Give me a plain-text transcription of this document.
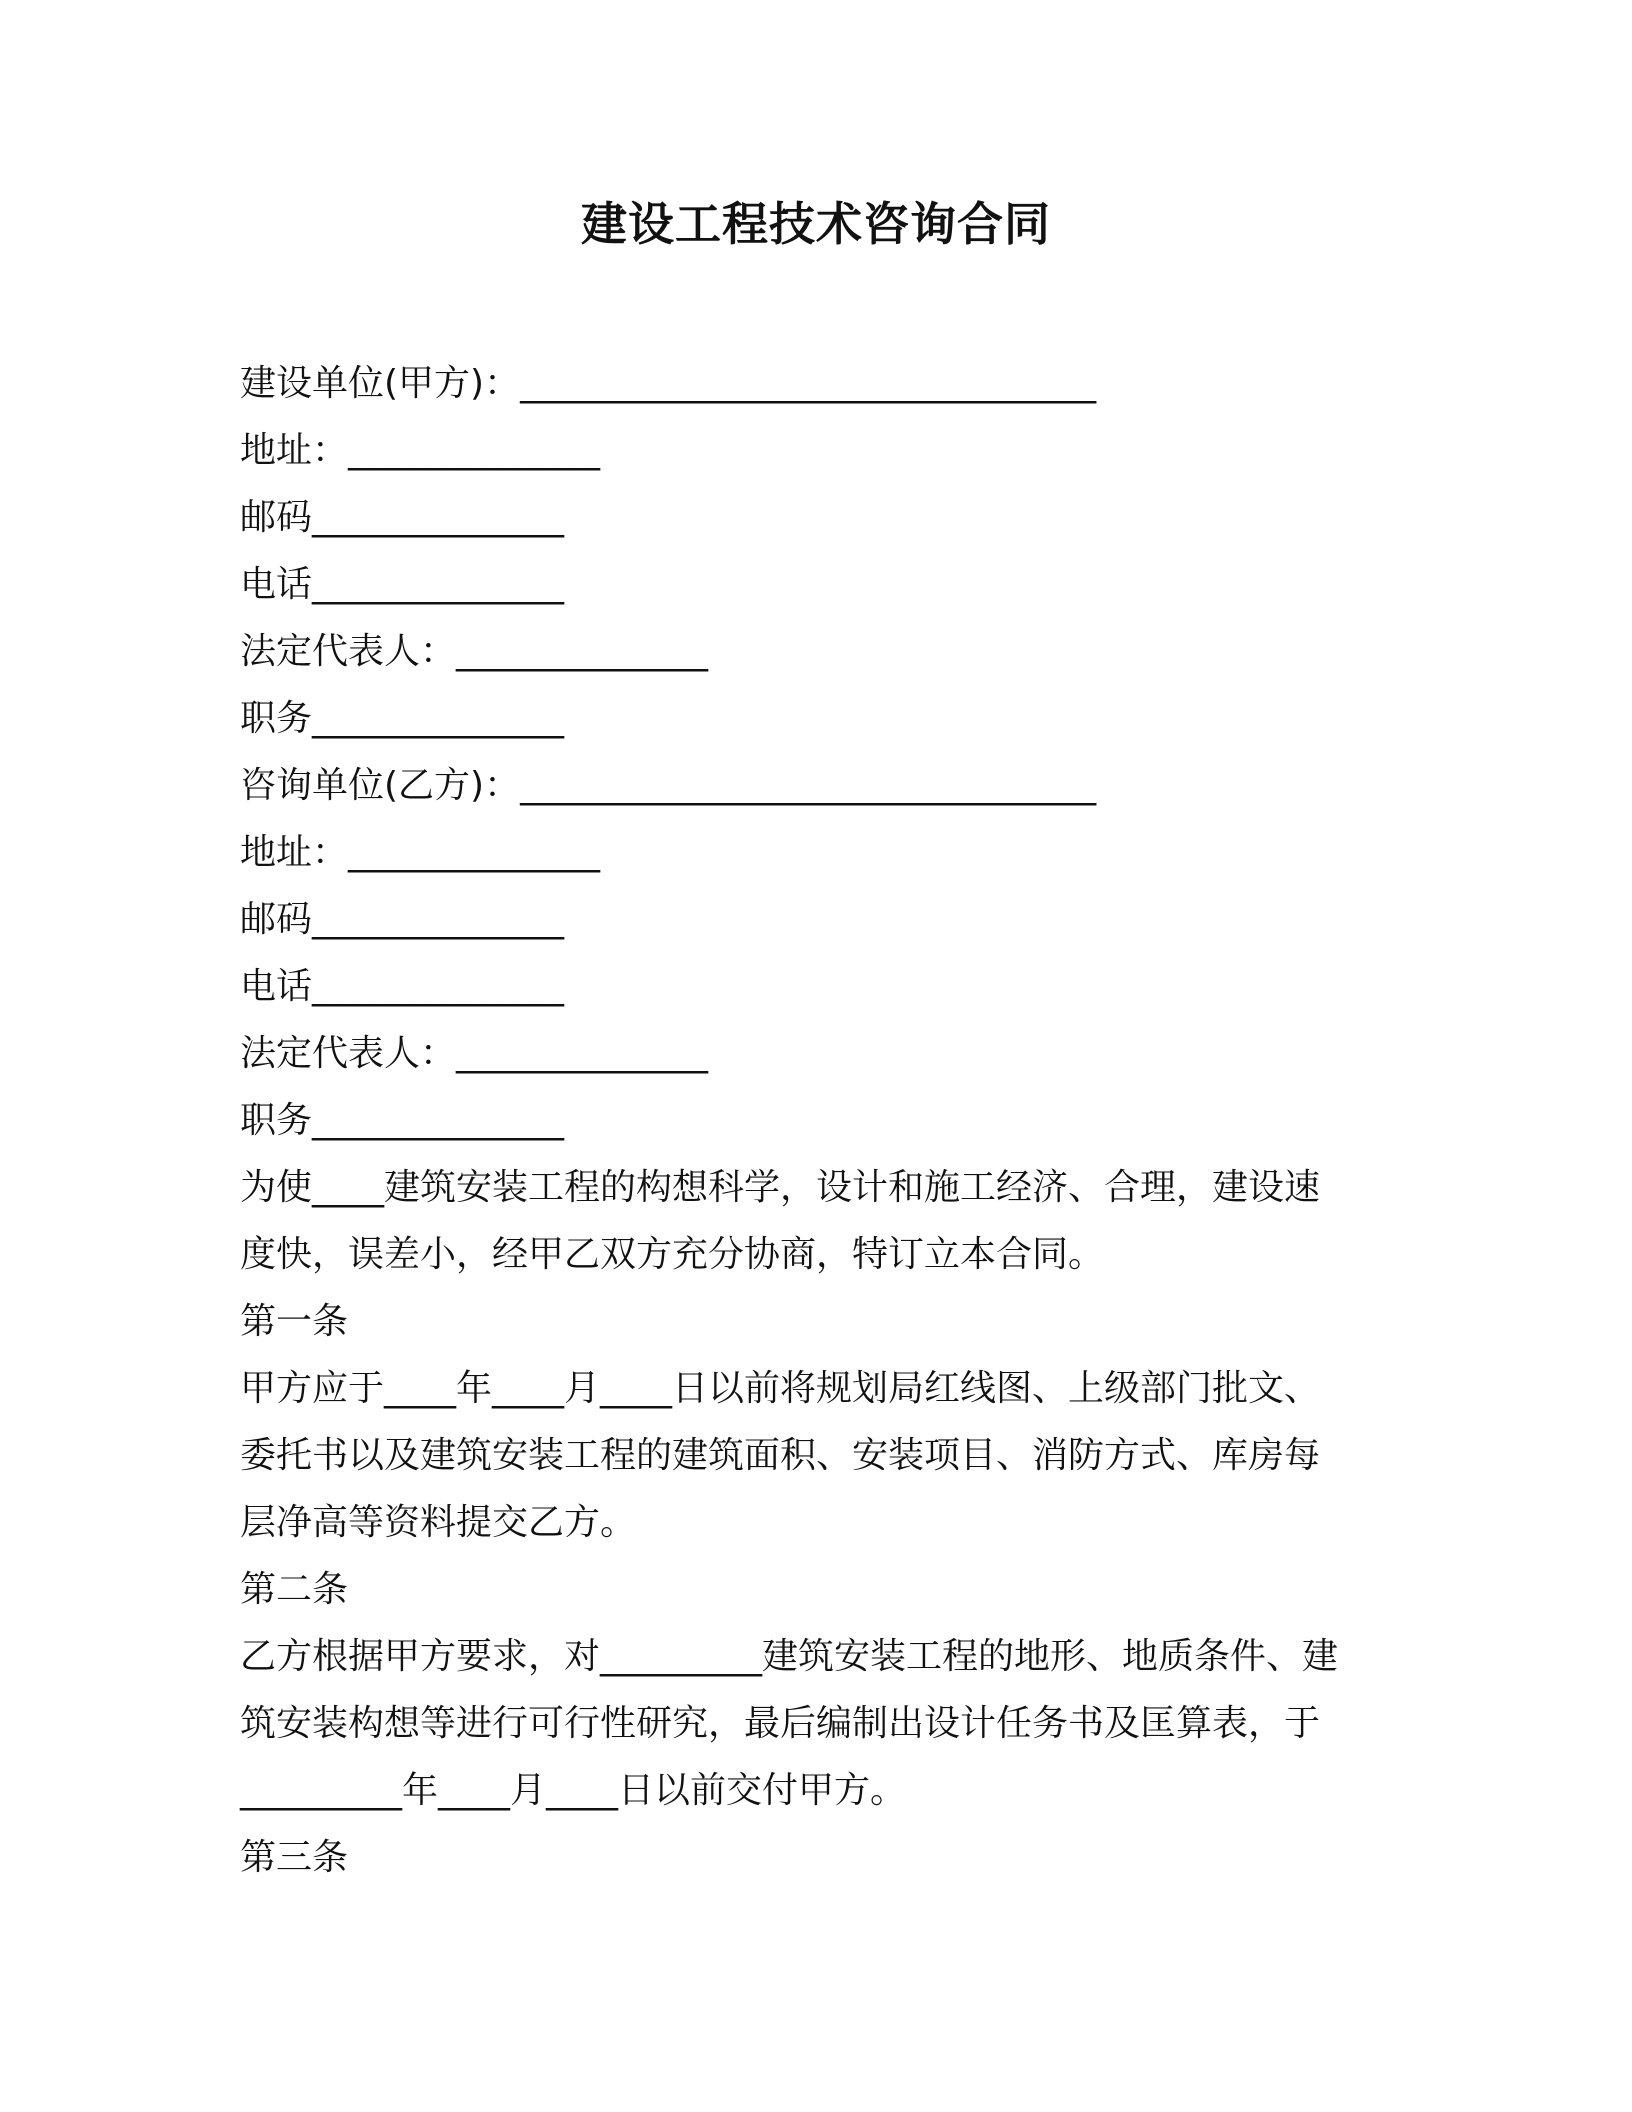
建设工程技术咨询合同
建设单位(甲方)：________________________________
地址：______________
邮码______________
电话______________
法定代表人：______________
职务______________
咨询单位(乙方)：________________________________
地址：______________
邮码______________
电话______________
法定代表人：______________
职务______________
为使____建筑安装工程的构想科学，设计和施工经济、合理，建设速
度快，误差小，经甲乙双方充分协商，特订立本合同。
第一条
甲方应于____年____月____日以前将规划局红线图、上级部门批文、
委托书以及建筑安装工程的建筑面积、安装项目、消防方式、库房每
层净高等资料提交乙方。
第二条
乙方根据甲方要求，对_________建筑安装工程的地形、地质条件、建
筑安装构想等进行可行性研究，最后编制出设计任务书及匡算表，于
_________年____月____日以前交付甲方。
第三条
